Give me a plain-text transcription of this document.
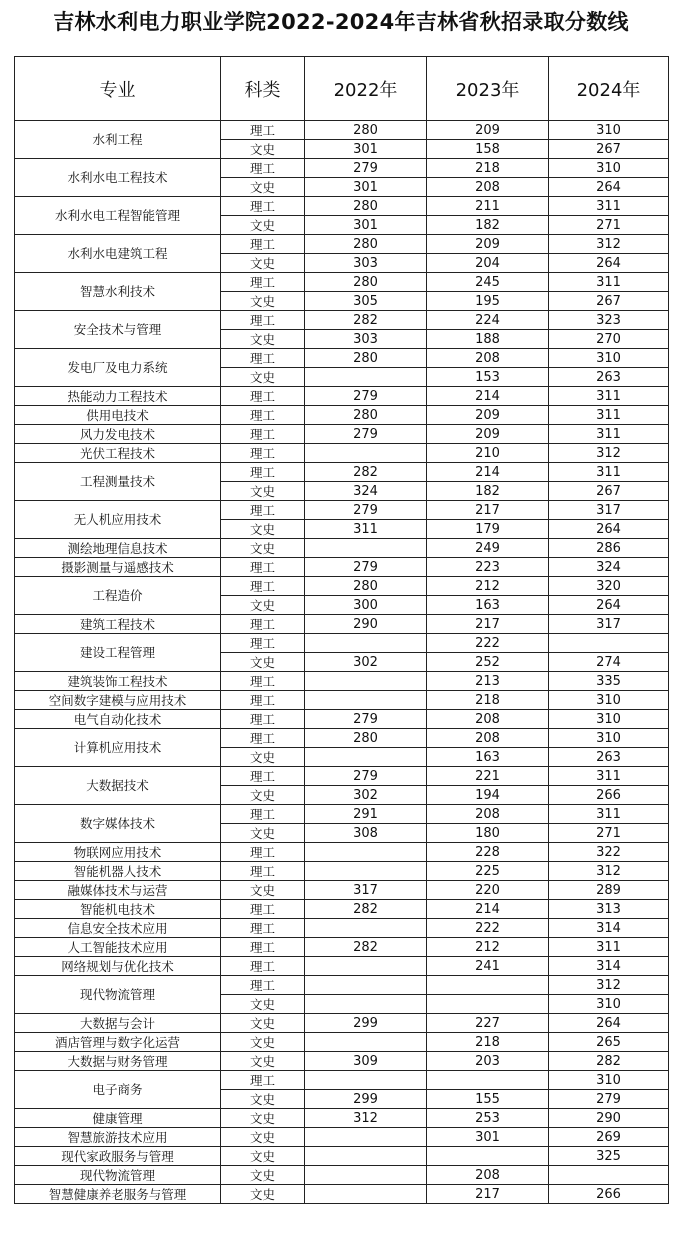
吉林水利电力职业学院2022-2024年吉林省秋招录取分数线
专业	科类	2022年	2023年	2024年
水利工程	理工	280	209	310
	文史	301	158	267
水利水电工程技术	理工	279	218	310
	文史	301	208	264
水利水电工程智能管理	理工	280	211	311
	文史	301	182	271
水利水电建筑工程	理工	280	209	312
	文史	303	204	264
智慧水利技术	理工	280	245	311
	文史	305	195	267
安全技术与管理	理工	282	224	323
	文史	303	188	270
发电厂及电力系统	理工	280	208	310
	文史		153	263
热能动力工程技术	理工	279	214	311
供用电技术	理工	280	209	311
风力发电技术	理工	279	209	311
光伏工程技术	理工		210	312
工程测量技术	理工	282	214	311
	文史	324	182	267
无人机应用技术	理工	279	217	317
	文史	311	179	264
测绘地理信息技术	文史		249	286
摄影测量与遥感技术	理工	279	223	324
工程造价	理工	280	212	320
	文史	300	163	264
建筑工程技术	理工	290	217	317
建设工程管理	理工		222	
	文史	302	252	274
建筑装饰工程技术	理工		213	335
空间数字建模与应用技术	理工		218	310
电气自动化技术	理工	279	208	310
计算机应用技术	理工	280	208	310
	文史		163	263
大数据技术	理工	279	221	311
	文史	302	194	266
数字媒体技术	理工	291	208	311
	文史	308	180	271
物联网应用技术	理工		228	322
智能机器人技术	理工		225	312
融媒体技术与运营	文史	317	220	289
智能机电技术	理工	282	214	313
信息安全技术应用	理工		222	314
人工智能技术应用	理工	282	212	311
网络规划与优化技术	理工		241	314
现代物流管理	理工			312
	文史			310
大数据与会计	文史	299	227	264
酒店管理与数字化运营	文史		218	265
大数据与财务管理	文史	309	203	282
电子商务	理工			310
	文史	299	155	279
健康管理	文史	312	253	290
智慧旅游技术应用	文史		301	269
现代家政服务与管理	文史			325
现代物流管理	文史		208	
智慧健康养老服务与管理	文史		217	266
